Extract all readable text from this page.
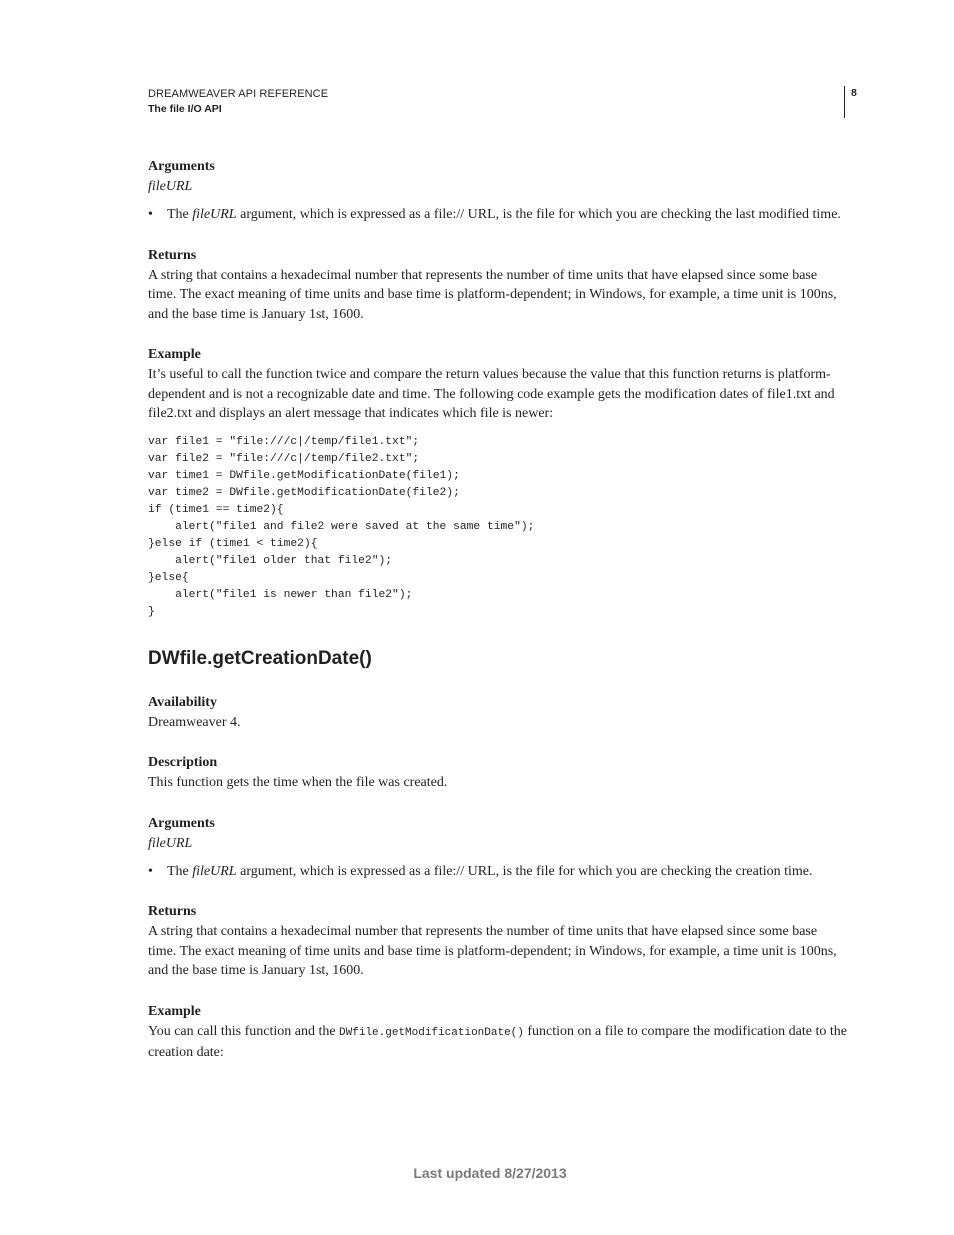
DREAMWEAVER API REFERENCE
The file I/O API
8

Arguments

fileURL

• The fileURL argument, which is expressed as a file:// URL, is the file for which you are checking the last modified time.

Returns

A string that contains a hexadecimal number that represents the number of time units that have elapsed since some base time. The exact meaning of time units and base time is platform-dependent; in Windows, for example, a time unit is 100ns, and the base time is January 1st, 1600.

Example

It’s useful to call the function twice and compare the return values because the value that this function returns is platform-dependent and is not a recognizable date and time. The following code example gets the modification dates of file1.txt and file2.txt and displays an alert message that indicates which file is newer:

var file1 = "file:///c|/temp/file1.txt";
var file2 = "file:///c|/temp/file2.txt";
var time1 = DWfile.getModificationDate(file1);
var time2 = DWfile.getModificationDate(file2);
if (time1 == time2){
alert("file1 and file2 were saved at the same time");
}else if (time1 < time2){
alert("file1 older that file2");
}else{
alert("file1 is newer than file2");
}

DWfile.getCreationDate()

Availability

Dreamweaver 4.

Description

This function gets the time when the file was created.

Arguments

fileURL

• The fileURL argument, which is expressed as a file:// URL, is the file for which you are checking the creation time.

Returns

A string that contains a hexadecimal number that represents the number of time units that have elapsed since some base time. The exact meaning of time units and base time is platform-dependent; in Windows, for example, a time unit is 100ns, and the base time is January 1st, 1600.

Example

You can call this function and the DWfile.getModificationDate() function on a file to compare the modification date to the creation date:

Last updated 8/27/2013
